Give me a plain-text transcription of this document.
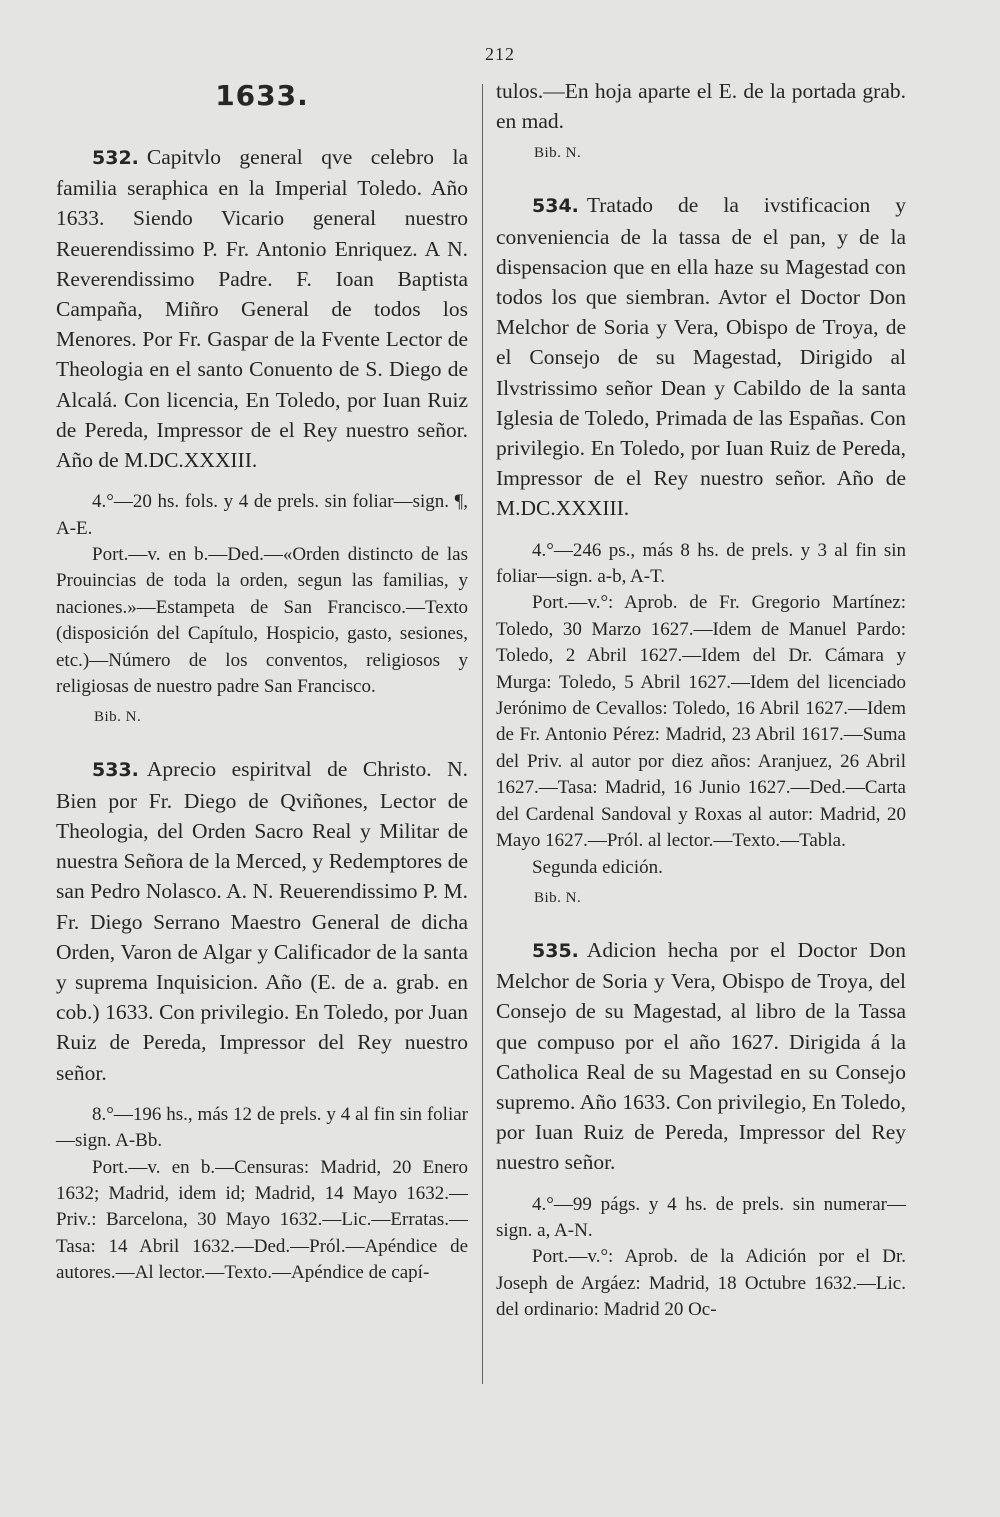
212
1633.

532. Capitvlo general qve celebro la familia seraphica en la Imperial Toledo. Año 1633. Siendo Vicario general nuestro Reuerendissimo P. Fr. Antonio Enriquez. A N. Reverendissimo Padre. F. Ioan Baptista Campaña, Miñro General de todos los Menores. Por Fr. Gaspar de la Fvente Lector de Theologia en el santo Conuento de S. Diego de Alcalá. Con licencia, En Toledo, por Iuan Ruiz de Pereda, Impressor de el Rey nuestro señor. Año de M.DC.XXXIII.

4.°—20 hs. fols. y 4 de prels. sin foliar—sign. ¶, A-E.

Port.—v. en b.—Ded.—«Orden distincto de las Prouincias de toda la orden, segun las familias, y naciones.»—Estampeta de San Francisco.—Texto (disposición del Capítulo, Hospicio, gasto, sesiones, etc.)—Número de los conventos, religiosos y religiosas de nuestro padre San Francisco.

Bib. N.

533. Aprecio espiritval de Christo. N. Bien por Fr. Diego de Qviñones, Lector de Theologia, del Orden Sacro Real y Militar de nuestra Señora de la Merced, y Redemptores de san Pedro Nolasco. A. N. Reuerendissimo P. M. Fr. Diego Serrano Maestro General de dicha Orden, Varon de Algar y Calificador de la santa y suprema Inquisicion. Año (E. de a. grab. en cob.) 1633. Con privilegio. En Toledo, por Juan Ruiz de Pereda, Impressor del Rey nuestro señor.

8.°—196 hs., más 12 de prels. y 4 al fin sin foliar—sign. A-Bb.

Port.—v. en b.—Censuras: Madrid, 20 Enero 1632; Madrid, idem id; Madrid, 14 Mayo 1632.—Priv.: Barcelona, 30 Mayo 1632.—Lic.—Erratas.—Tasa: 14 Abril 1632.—Ded.—Pról.—Apéndice de autores.—Al lector.—Texto.—Apéndice de capí-

tulos.—En hoja aparte el E. de la portada grab. en mad.

Bib. N.

534. Tratado de la ivstificacion y conveniencia de la tassa de el pan, y de la dispensacion que en ella haze su Magestad con todos los que siembran. Avtor el Doctor Don Melchor de Soria y Vera, Obispo de Troya, de el Consejo de su Magestad, Dirigido al Ilvstrissimo señor Dean y Cabildo de la santa Iglesia de Toledo, Primada de las Españas. Con privilegio. En Toledo, por Iuan Ruiz de Pereda, Impressor de el Rey nuestro señor. Año de M.DC.XXXIII.

4.°—246 ps., más 8 hs. de prels. y 3 al fin sin foliar—sign. a-b, A-T.

Port.—v.°: Aprob. de Fr. Gregorio Martínez: Toledo, 30 Marzo 1627.—Idem de Manuel Pardo: Toledo, 2 Abril 1627.—Idem del Dr. Cámara y Murga: Toledo, 5 Abril 1627.—Idem del licenciado Jerónimo de Cevallos: Toledo, 16 Abril 1627.—Idem de Fr. Antonio Pérez: Madrid, 23 Abril 1617.—Suma del Priv. al autor por diez años: Aranjuez, 26 Abril 1627.—Tasa: Madrid, 16 Junio 1627.—Ded.—Carta del Cardenal Sandoval y Roxas al autor: Madrid, 20 Mayo 1627.—Pról. al lector.—Texto.—Tabla.

Segunda edición.

Bib. N.

535. Adicion hecha por el Doctor Don Melchor de Soria y Vera, Obispo de Troya, del Consejo de su Magestad, al libro de la Tassa que compuso por el año 1627. Dirigida á la Catholica Real de su Magestad en su Consejo supremo. Año 1633. Con privilegio, En Toledo, por Iuan Ruiz de Pereda, Impressor del Rey nuestro señor.

4.°—99 págs. y 4 hs. de prels. sin numerar—sign. a, A-N.

Port.—v.°: Aprob. de la Adición por el Dr. Joseph de Argáez: Madrid, 18 Octubre 1632.—Lic. del ordinario: Madrid 20 Oc-
